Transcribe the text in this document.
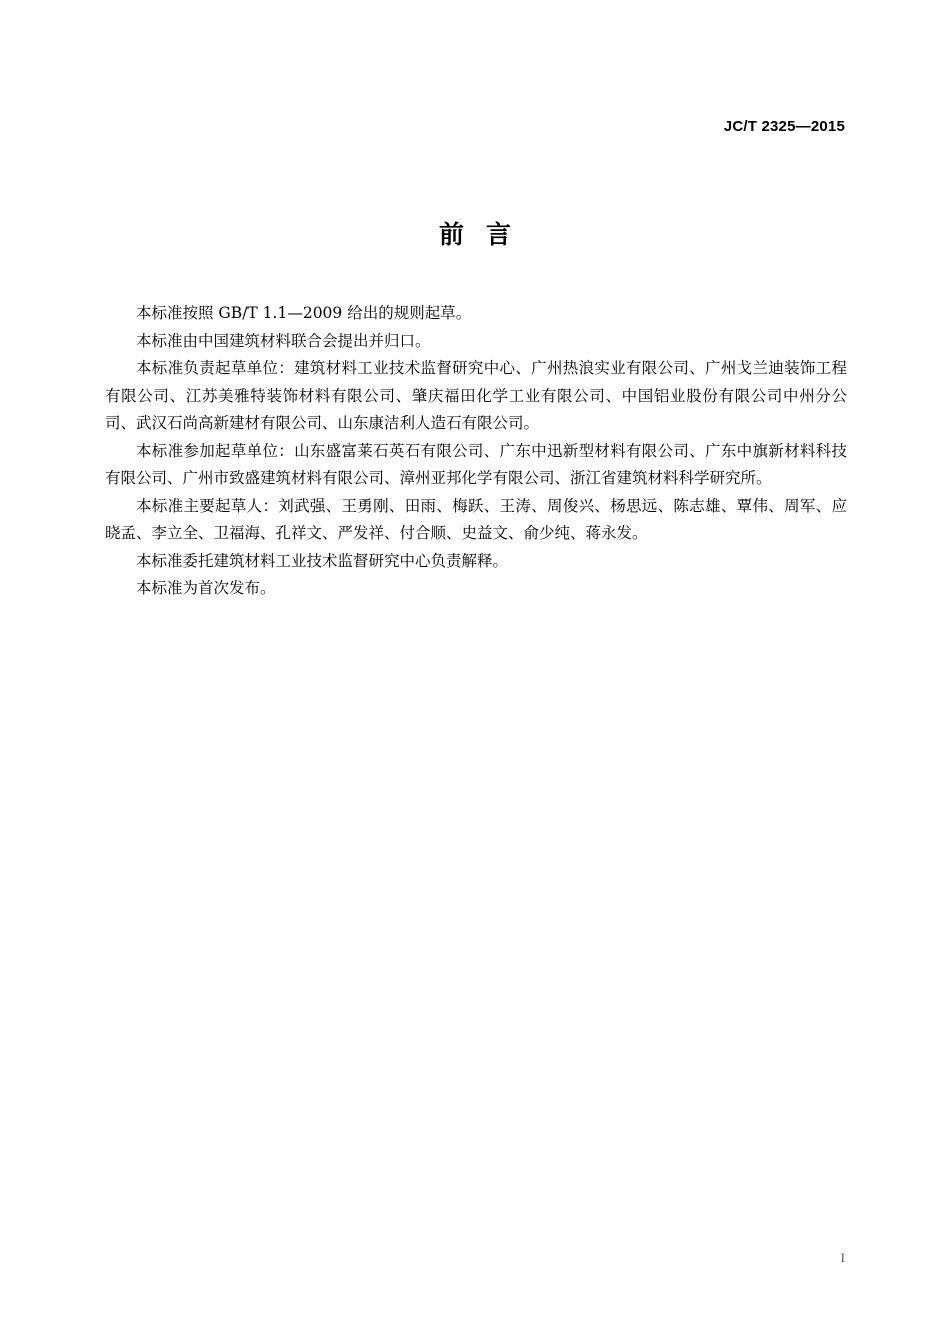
JC/T 2325—2015
前言

本标准按照 GB/T 1.1—2009 给出的规则起草。

本标准由中国建筑材料联合会提出并归口。

本标准负责起草单位：建筑材料工业技术监督研究中心、广州热浪实业有限公司、广州戈兰迪装饰工程有限公司、江苏美雅特装饰材料有限公司、肇庆福田化学工业有限公司、中国铝业股份有限公司中州分公司、武汉石尚高新建材有限公司、山东康洁利人造石有限公司。

本标准参加起草单位：山东盛富莱石英石有限公司、广东中迅新型材料有限公司、广东中旗新材料科技有限公司、广州市致盛建筑材料有限公司、漳州亚邦化学有限公司、浙江省建筑材料科学研究所。

本标准主要起草人：刘武强、王勇刚、田雨、梅跃、王涛、周俊兴、杨思远、陈志雄、覃伟、周军、应晓孟、李立全、卫福海、孔祥文、严发祥、付合顺、史益文、俞少纯、蒋永发。

本标准委托建筑材料工业技术监督研究中心负责解释。

本标准为首次发布。

I
